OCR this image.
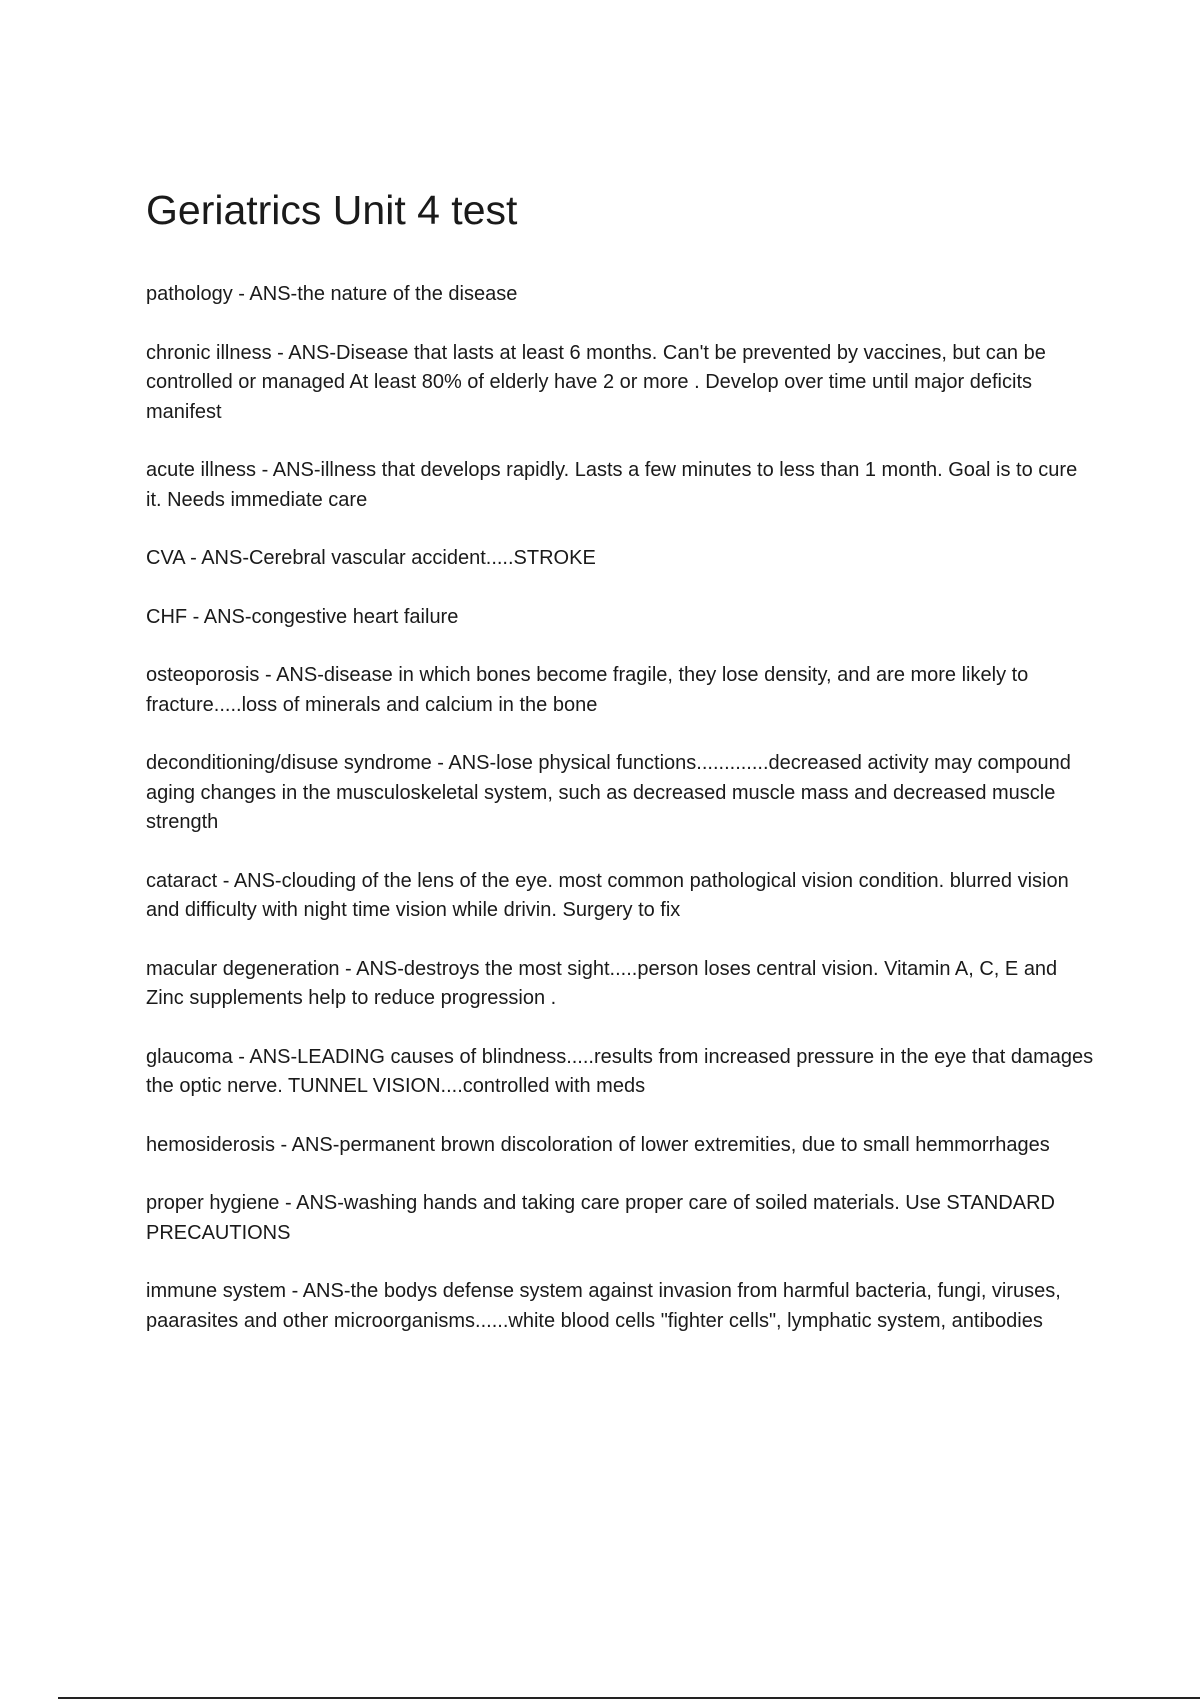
Geriatrics Unit 4 test

pathology - ANS-the nature of the disease

chronic illness - ANS-Disease that lasts at least 6 months. Can't be prevented by vaccines, but can be controlled or managed At least 80% of elderly have 2 or more . Develop over time until major deficits manifest

acute illness - ANS-illness that develops rapidly. Lasts a few minutes to less than 1 month. Goal is to cure it. Needs immediate care

CVA - ANS-Cerebral vascular accident.....STROKE

CHF - ANS-congestive heart failure

osteoporosis - ANS-disease in which bones become fragile, they lose density, and are more likely to fracture.....loss of minerals and calcium in the bone

deconditioning/disuse syndrome - ANS-lose physical functions.............decreased activity may compound aging changes in the musculoskeletal system, such as decreased muscle mass and decreased muscle strength

cataract - ANS-clouding of the lens of the eye. most common pathological vision condition. blurred vision and difficulty with night time vision while drivin. Surgery to fix

macular degeneration - ANS-destroys the most sight.....person loses central vision. Vitamin A, C, E and Zinc supplements help to reduce progression .

glaucoma - ANS-LEADING causes of blindness.....results from increased pressure in the eye that damages the optic nerve. TUNNEL VISION....controlled with meds

hemosiderosis - ANS-permanent brown discoloration of lower extremities, due to small hemmorrhages

proper hygiene - ANS-washing hands and taking care proper care of soiled materials. Use STANDARD PRECAUTIONS

immune system - ANS-the bodys defense system against invasion from harmful bacteria, fungi, viruses, paarasites and other microorganisms......white blood cells "fighter cells", lymphatic system, antibodies
